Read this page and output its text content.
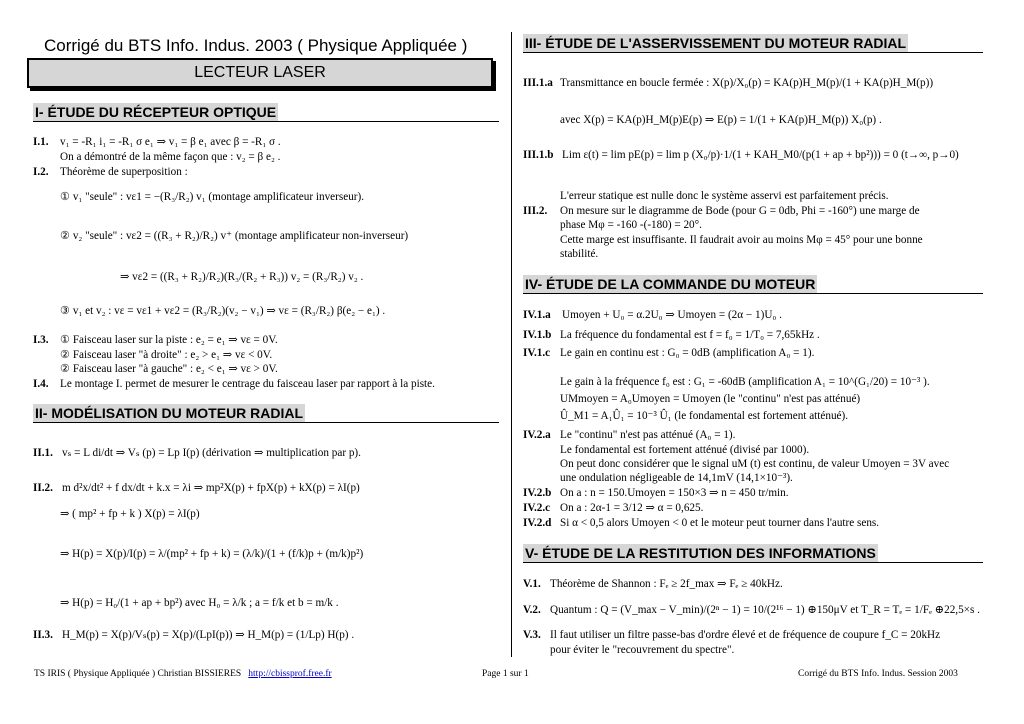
Corrigé du BTS Info. Indus. 2003 ( Physique Appliquée )
LECTEUR LASER
I- ÉTUDE DU RÉCEPTEUR OPTIQUE
II- MODÉLISATION DU MOTEUR RADIAL
III- ÉTUDE DE L'ASSERVISSEMENT DU MOTEUR RADIAL
IV- ÉTUDE DE LA COMMANDE DU MOTEUR
V- ÉTUDE DE LA RESTITUTION DES INFORMATIONS
I.1. v₁ = -R₁ i₁ = -R₁ σ e₁ ⇒ v₁ = β e₁ avec β = -R₁ σ .
On a démontré de la même façon que : v₂ = β e₂ .
I.2. Théorème de superposition :
① v₁ "seule" : vε1 = −(R₃/R₂) v₁ (montage amplificateur inverseur).
② v₂ "seule" : vε2 = ((R₃ + R₂)/R₂) v⁺ (montage amplificateur non-inverseur)
⇒ vε2 = ((R₃ + R₂)/R₂)(R₃/(R₂ + R₃)) v₂ = (R₃/R₂) v₂ .
③ v₁ et v₂ : vε = vε1 + vε2 = (R₃/R₂)(v₂ − v₁) ⇒ vε = (R₃/R₂) β(e₂ − e₁) .
I.3. ① Faisceau laser sur la piste : e₂ = e₁ ⇒ vε = 0V.
② Faisceau laser "à droite" : e₂ > e₁ ⇒ vε < 0V.
② Faisceau laser "à gauche" : e₂ < e₁ ⇒ vε > 0V.
I.4. Le montage I. permet de mesurer le centrage du faisceau laser par rapport à la piste.
II.1. vₛ = L di/dt ⇒ Vₛ (p) = Lp I(p) (dérivation ⇒ multiplication par p).
II.2. m d²x/dt² + f dx/dt + k.x = λi ⇒ mp²X(p) + fpX(p) + kX(p) = λI(p)
⇒ ( mp² + fp + k ) X(p) = λI(p)
⇒ H(p) = X(p)/I(p) = λ/(mp² + fp + k) = (λ/k)/(1 + (f/k)p + (m/k)p²)
⇒ H(p) = H₀/(1 + ap + bp²) avec H₀ = λ/k ; a = f/k et b = m/k .
II.3. H_M(p) = X(p)/Vₛ(p) = X(p)/(LpI(p)) ⇒ H_M(p) = (1/Lp) H(p) .
III.1.a Transmittance en boucle fermée : X(p)/X₀(p) = KA(p)H_M(p)/(1 + KA(p)H_M(p))
avec X(p) = KA(p)H_M(p)E(p) ⇒ E(p) = 1/(1 + KA(p)H_M(p)) X₀(p) .
III.1.b Lim ε(t) = lim pE(p) = lim p (X₀/p)·1/(1 + KAH_M0/(p(1 + ap + bp²))) = 0 (t→∞, p→0)
L'erreur statique est nulle donc le système asservi est parfaitement précis.
III.2. On mesure sur le diagramme de Bode (pour G = 0db, Phi = -160°) une marge de
phase Mφ = -160 -(-180) = 20°.
Cette marge est insuffisante. Il faudrait avoir au moins Mφ = 45° pour une bonne
stabilité.
IV.1.a Umoyen + U₀ = α.2U₀ ⇒ Umoyen = (2α − 1)U₀ .
IV.1.b La fréquence du fondamental est f = f₀ = 1/T₀ = 7,65kHz .
IV.1.c Le gain en continu est : G₀ = 0dB (amplification A₀ = 1).
Le gain à la fréquence f₀ est : G₁ = -60dB (amplification A₁ = 10^(G₁/20) = 10⁻³ ).
UMmoyen = A₀Umoyen = Umoyen (le "continu" n'est pas atténué)
Û_M1 = A₁Û₁ = 10⁻³ Û₁ (le fondamental est fortement atténué).
IV.2.a Le "continu" n'est pas atténué (A₀ = 1).
Le fondamental est fortement atténué (divisé par 1000).
On peut donc considérer que le signal uM (t) est continu, de valeur Umoyen = 3V avec
une ondulation négligeable de 14,1mV (14,1×10⁻³).
IV.2.b On a : n = 150.Umoyen = 150×3 ⇒ n = 450 tr/min.
IV.2.c On a : 2α-1 = 3/12 ⇒ α = 0,625.
IV.2.d Si α < 0,5 alors Umoyen < 0 et le moteur peut tourner dans l'autre sens.
V.1. Théorème de Shannon : Fₑ ≥ 2f_max ⇒ Fₑ ≥ 40kHz.
V.2. Quantum : Q = (V_max − V_min)/(2ⁿ − 1) = 10/(2¹⁶ − 1) ⊕150μV et T_R = Tₑ = 1/Fₑ ⊕22,5×s .
V.3. Il faut utiliser un filtre passe-bas d'ordre élevé et de fréquence de coupure f_C = 20kHz
pour éviter le "recouvrement du spectre".
TS IRIS ( Physique Appliquée ) Christian BISSIERES http://cbissprof.free.fr	Page 1 sur 1	Corrigé du BTS Info. Indus. Session 2003
